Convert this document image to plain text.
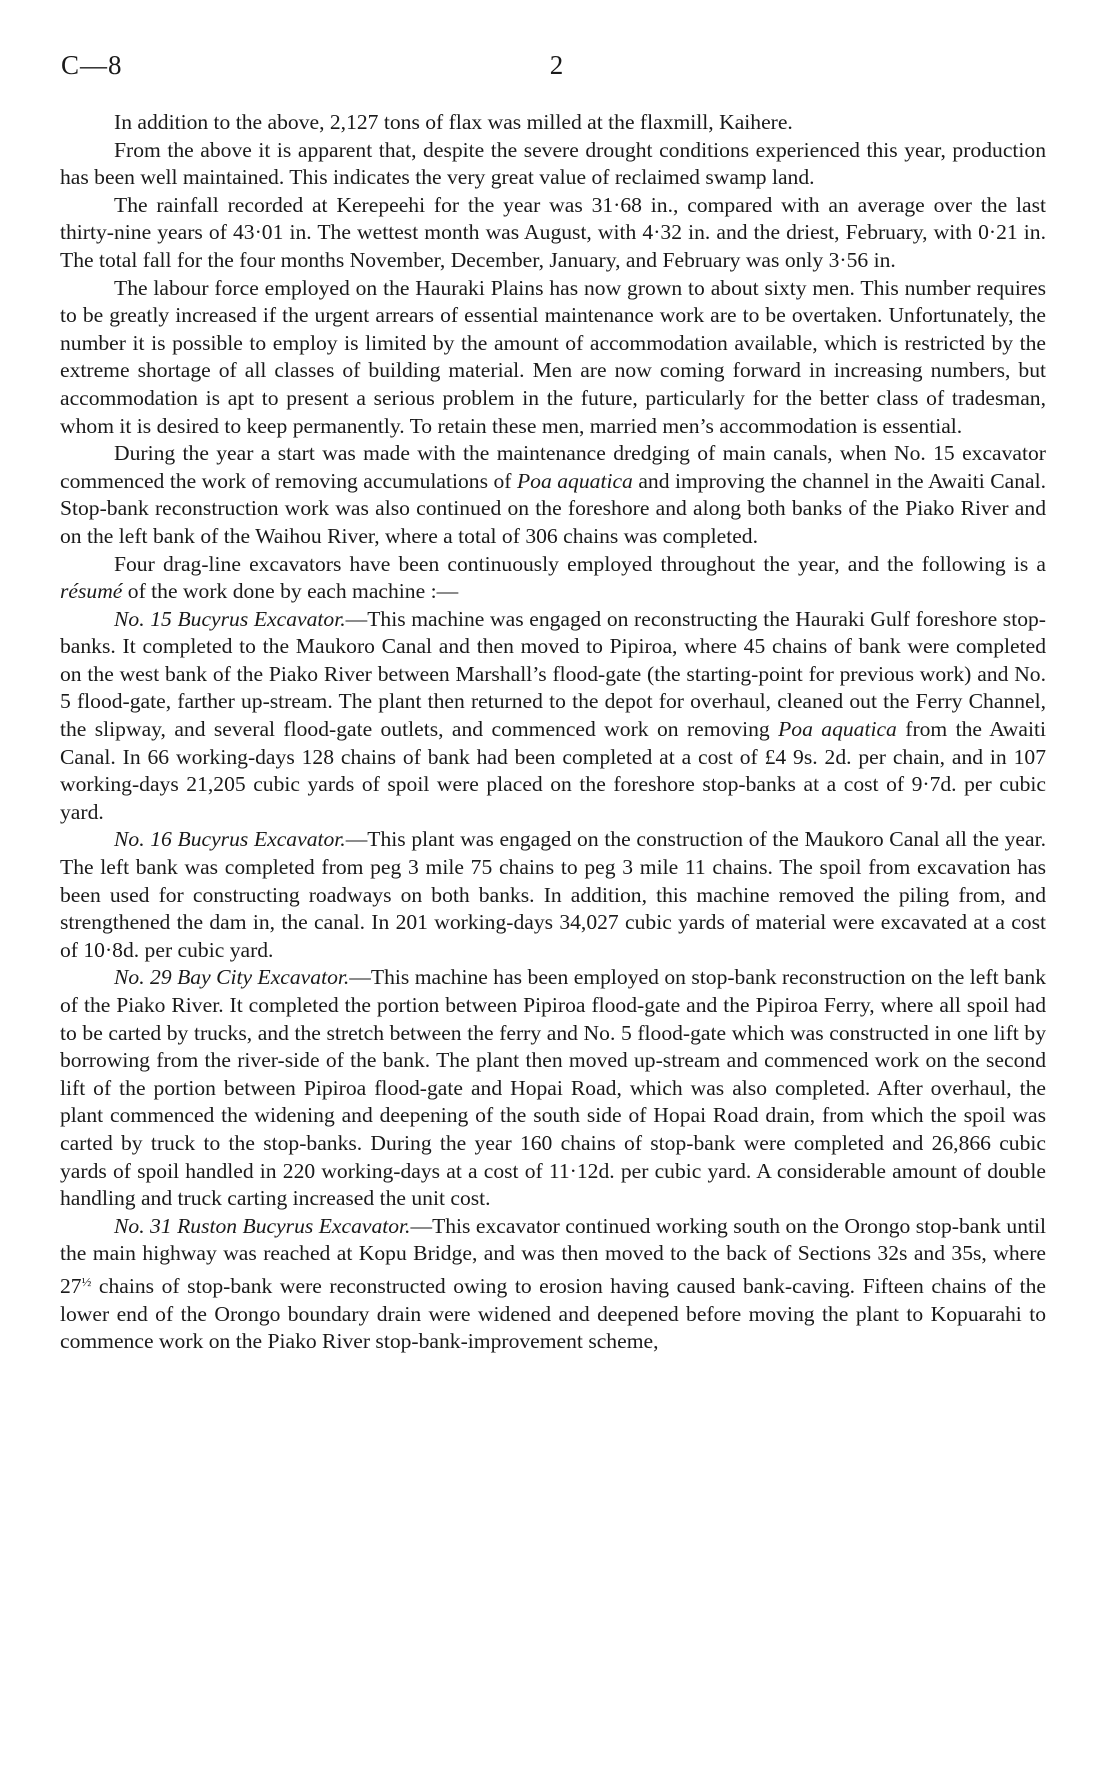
C—8	2

In addition to the above, 2,127 tons of flax was milled at the flaxmill, Kaihere.

From the above it is apparent that, despite the severe drought conditions experienced this year, production has been well maintained. This indicates the very great value of reclaimed swamp land.

The rainfall recorded at Kerepeehi for the year was 31·68 in., compared with an average over the last thirty-nine years of 43·01 in. The wettest month was August, with 4·32 in. and the driest, February, with 0·21 in. The total fall for the four months November, December, January, and February was only 3·56 in.

The labour force employed on the Hauraki Plains has now grown to about sixty men. This number requires to be greatly increased if the urgent arrears of essential maintenance work are to be overtaken. Unfortunately, the number it is possible to employ is limited by the amount of accommodation available, which is restricted by the extreme shortage of all classes of building material. Men are now coming forward in increasing numbers, but accommodation is apt to present a serious problem in the future, particularly for the better class of tradesman, whom it is desired to keep permanently. To retain these men, married men’s accommodation is essential.

During the year a start was made with the maintenance dredging of main canals, when No. 15 excavator commenced the work of removing accumulations of Poa aquatica and improving the channel in the Awaiti Canal. Stop-bank reconstruction work was also continued on the foreshore and along both banks of the Piako River and on the left bank of the Waihou River, where a total of 306 chains was completed.

Four drag-line excavators have been continuously employed throughout the year, and the following is a résumé of the work done by each machine :—

No. 15 Bucyrus Excavator.—This machine was engaged on reconstructing the Hauraki Gulf foreshore stop-banks. It completed to the Maukoro Canal and then moved to Pipiroa, where 45 chains of bank were completed on the west bank of the Piako River between Marshall’s flood-gate (the starting-point for previous work) and No. 5 flood-gate, farther up-stream. The plant then returned to the depot for overhaul, cleaned out the Ferry Channel, the slipway, and several flood-gate outlets, and commenced work on removing Poa aquatica from the Awaiti Canal. In 66 working-days 128 chains of bank had been completed at a cost of £4 9s. 2d. per chain, and in 107 working-days 21,205 cubic yards of spoil were placed on the foreshore stop-banks at a cost of 9·7d. per cubic yard.

No. 16 Bucyrus Excavator.—This plant was engaged on the construction of the Maukoro Canal all the year. The left bank was completed from peg 3 mile 75 chains to peg 3 mile 11 chains. The spoil from excavation has been used for constructing roadways on both banks. In addition, this machine removed the piling from, and strengthened the dam in, the canal. In 201 working-days 34,027 cubic yards of material were excavated at a cost of 10·8d. per cubic yard.

No. 29 Bay City Excavator.—This machine has been employed on stop-bank reconstruction on the left bank of the Piako River. It completed the portion between Pipiroa flood-gate and the Pipiroa Ferry, where all spoil had to be carted by trucks, and the stretch between the ferry and No. 5 flood-gate which was constructed in one lift by borrowing from the river-side of the bank. The plant then moved up-stream and commenced work on the second lift of the portion between Pipiroa flood-gate and Hopai Road, which was also completed. After overhaul, the plant commenced the widening and deepening of the south side of Hopai Road drain, from which the spoil was carted by truck to the stop-banks. During the year 160 chains of stop-bank were completed and 26,866 cubic yards of spoil handled in 220 working-days at a cost of 11·12d. per cubic yard. A considerable amount of double handling and truck carting increased the unit cost.

No. 31 Ruston Bucyrus Excavator.—This excavator continued working south on the Orongo stop-bank until the main highway was reached at Kopu Bridge, and was then moved to the back of Sections 32s and 35s, where $27^{\frac{1}{2}}$ chains of stop-bank were reconstructed owing to erosion having caused bank-caving. Fifteen chains of the lower end of the Orongo boundary drain were widened and deepened before moving the plant to Kopuarahi to commence work on the Piako River stop-bank-improvement scheme,
